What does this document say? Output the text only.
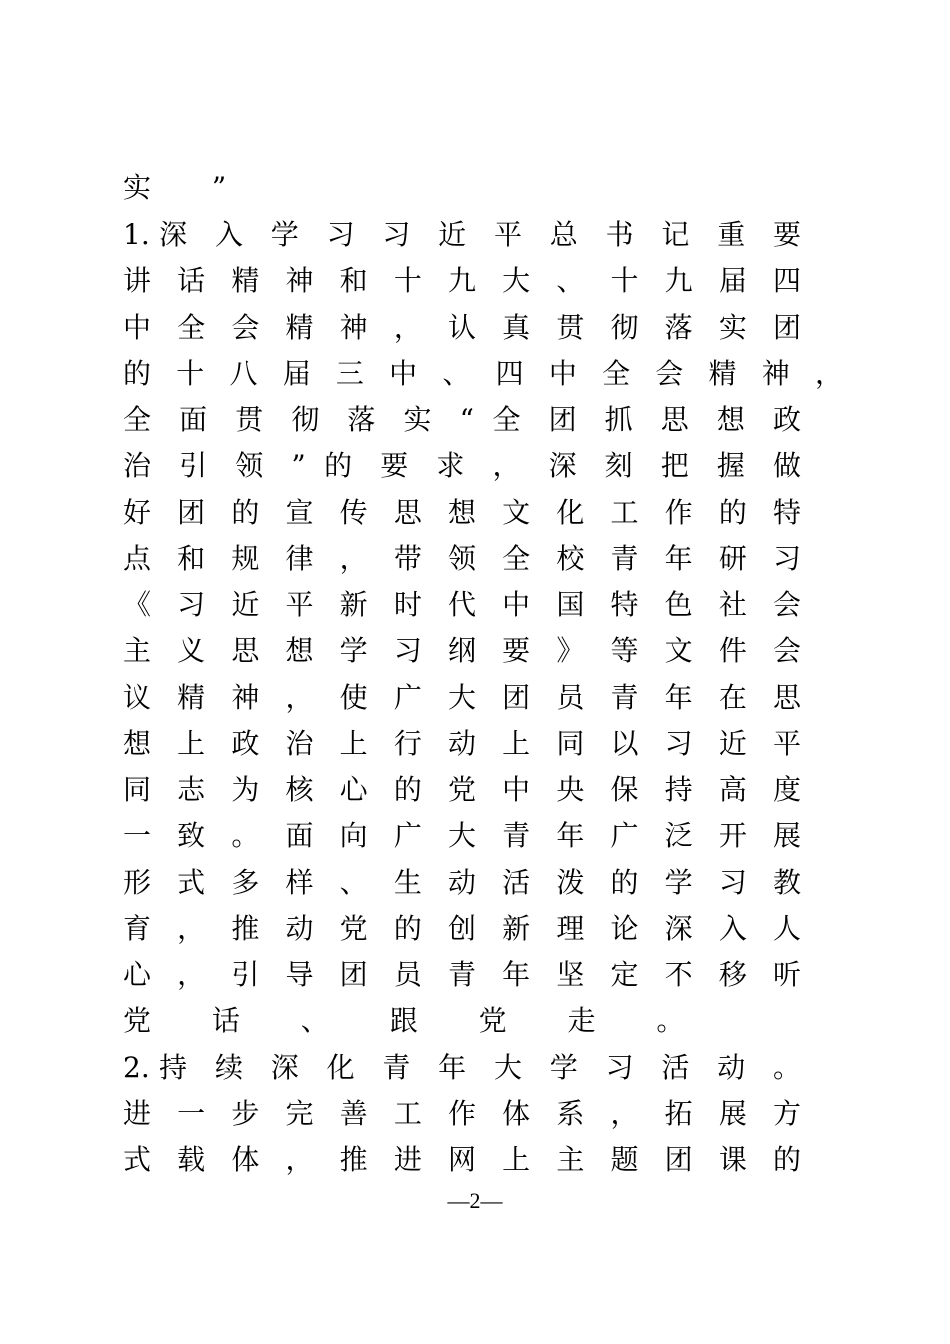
实 ”
1.深 入 学 习 习 近 平 总 书 记 重 要
讲 话 精 神 和 十 九 大 、 十 九 届 四
中 全 会 精 神 ， 认 真 贯 彻 落 实 团
的 十 八 届 三 中 、 四 中 全 会 精 神 ，
全 面 贯 彻 落 实 “ 全 团 抓 思 想 政
治 引 领 ” 的 要 求 ， 深 刻 把 握 做
好 团 的 宣 传 思 想 文 化 工 作 的 特
点 和 规 律 ， 带 领 全 校 青 年 研 习
《 习 近 平 新 时 代 中 国 特 色 社 会
主 义 思 想 学 习 纲 要 》 等 文 件 会
议 精 神 ， 使 广 大 团 员 青 年 在 思
想 上 政 治 上 行 动 上 同 以 习 近 平
同 志 为 核 心 的 党 中 央 保 持 高 度
一 致 。 面 向 广 大 青 年 广 泛 开 展
形 式 多 样 、 生 动 活 泼 的 学 习 教
育 ， 推 动 党 的 创 新 理 论 深 入 人
心 ， 引 导 团 员 青 年 坚 定 不 移 听
党 话 、 跟 党 走 。
2.持 续 深 化 青 年 大 学 习 活 动 。
进 一 步 完 善 工 作 体 系 ， 拓 展 方
式 载 体 ， 推 进 网 上 主 题 团 课 的
—2—
